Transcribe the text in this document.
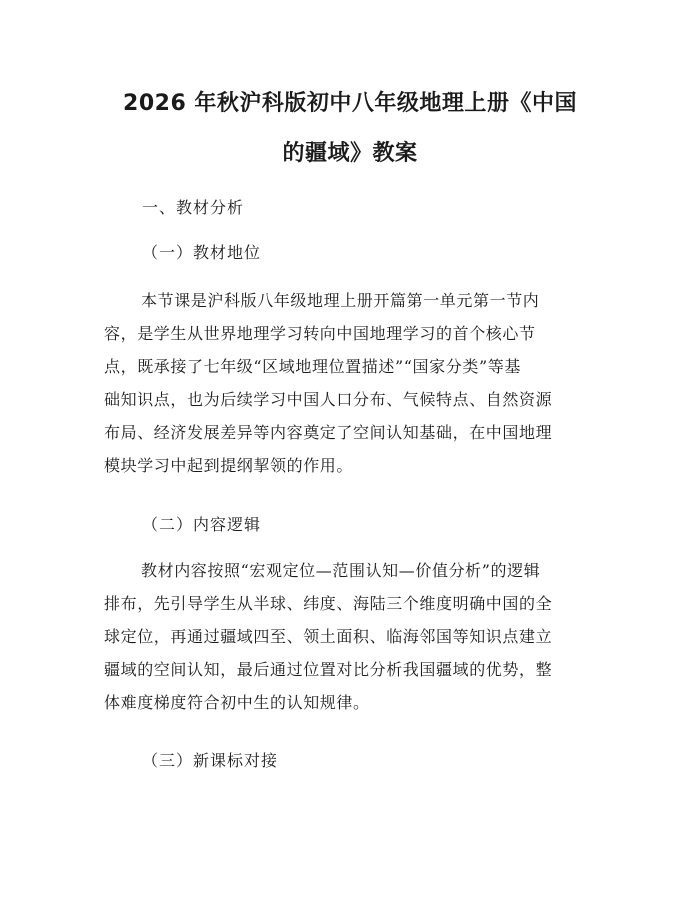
2026 年秋沪科版初中八年级地理上册《中国
的疆域》教案

一、教材分析

（一）教材地位

本节课是沪科版八年级地理上册开篇第一单元第一节内
容，是学生从世界地理学习转向中国地理学习的首个核心节
点，既承接了七年级“区域地理位置描述”“国家分类”等基
础知识点，也为后续学习中国人口分布、气候特点、自然资源
布局、经济发展差异等内容奠定了空间认知基础，在中国地理
模块学习中起到提纲挈领的作用。

（二）内容逻辑

教材内容按照“宏观定位—范围认知—价值分析”的逻辑
排布，先引导学生从半球、纬度、海陆三个维度明确中国的全
球定位，再通过疆域四至、领土面积、临海邻国等知识点建立
疆域的空间认知，最后通过位置对比分析我国疆域的优势，整
体难度梯度符合初中生的认知规律。

（三）新课标对接
